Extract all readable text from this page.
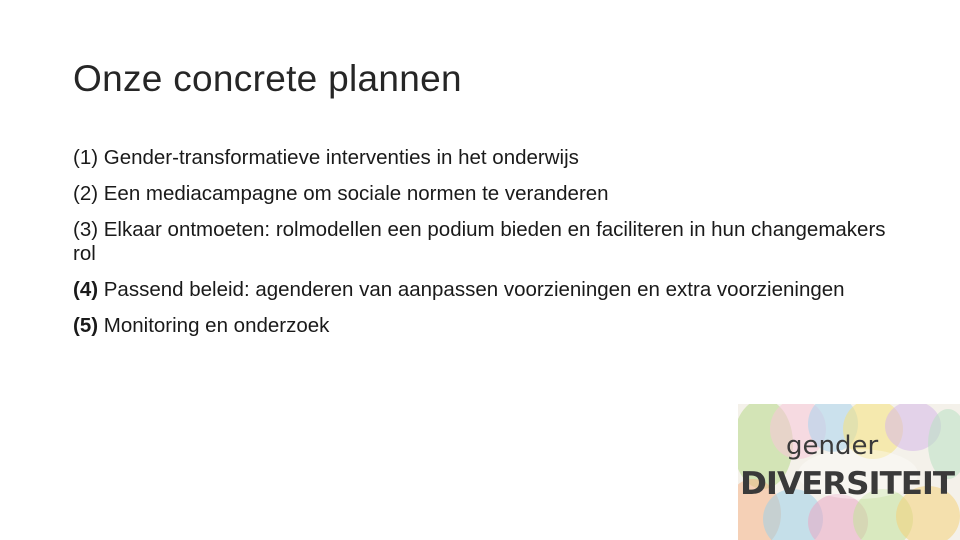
Onze concrete plannen
(1) Gender-transformatieve interventies in het onderwijs
(2) Een mediacampagne om sociale normen te veranderen
(3) Elkaar ontmoeten: rolmodellen een podium bieden en faciliteren in hun changemakers rol
(4) Passend beleid: agenderen van aanpassen voorzieningen en extra voorzieningen
(5) Monitoring en onderzoek
gender
DIVERSITEIT
